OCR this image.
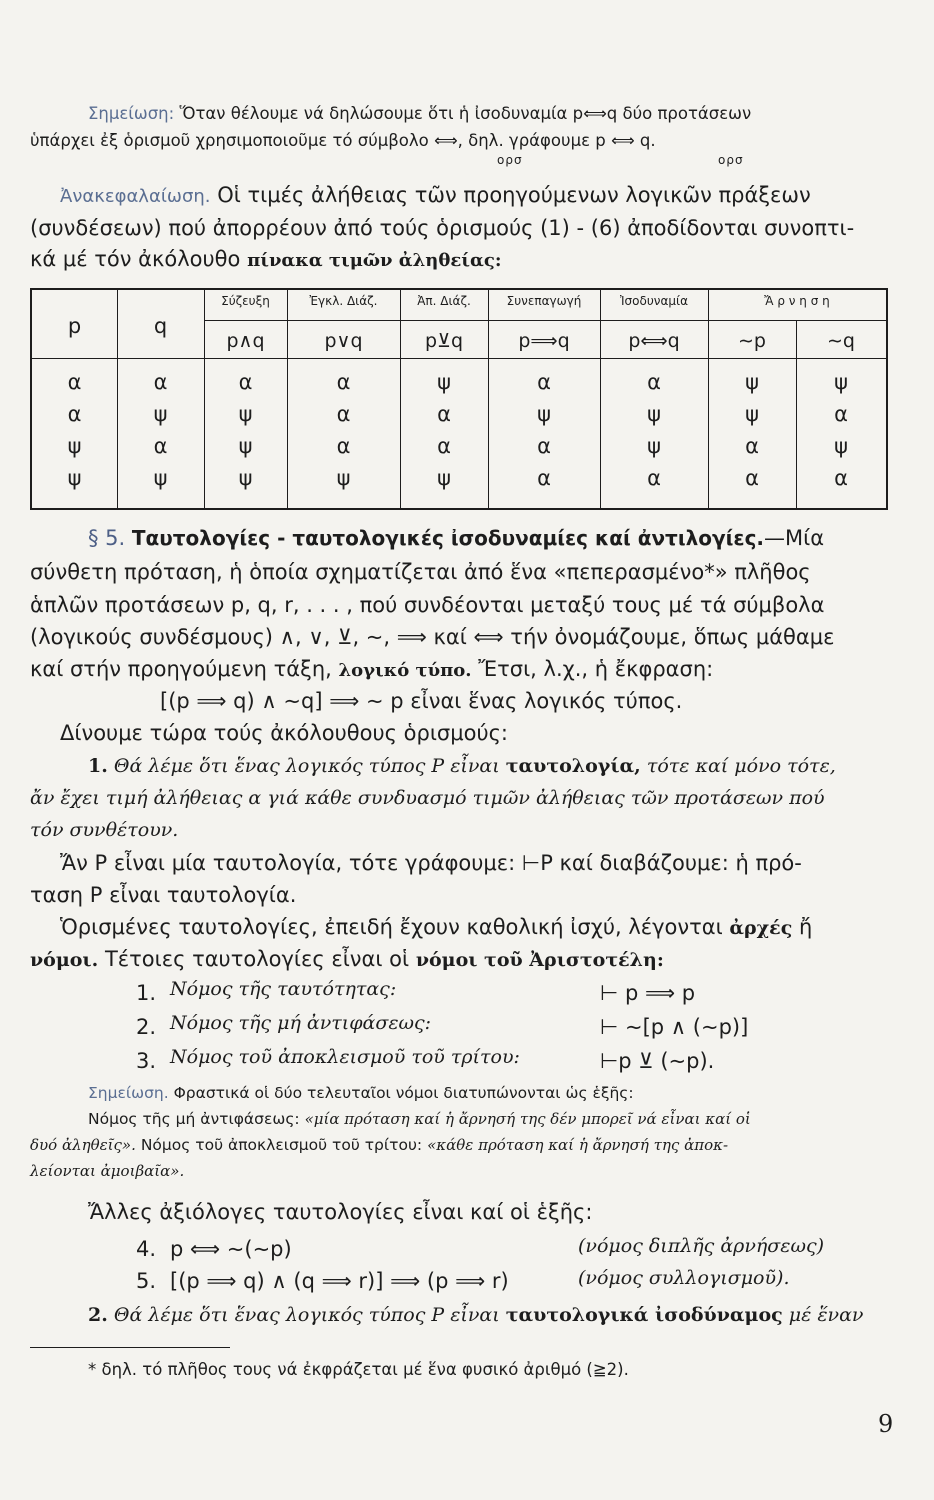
Σημείωση: Ὅταν θέλουμε νά δηλώσουμε ὅτι ἡ ἰσοδυναμία p⟺q δύο προτάσεων
ὑπάρχει ἐξ ὁρισμοῦ χρησιμοποιοῦμε τό σύμβολο ⟺, δηλ. γράφουμε p ⟺ q.
ορσ	ορσ
Ἀνακεφαλαίωση. Οἱ τιμές ἀλήθειας τῶν προηγούμενων λογικῶν πράξεων
(συνδέσεων) πού ἀπορρέουν ἀπό τούς ὁρισμούς (1) - (6) ἀποδίδονται συνοπτι-
κά μέ τόν ἀκόλουθο πίνακα τιμῶν ἀληθείας:
p	q
Σύζευξη	Ἐγκλ. Διάζ.	Ἀπ. Διάζ.	Συνεπαγωγή	Ἰσοδυναμία	Ἄ ρ ν η σ η
p∧q	p∨q	p⊻q	p⟹q	p⟺q	∼p	∼q
α	α	α	α	ψ	α	α	ψ	ψ
α	ψ	ψ	α	α	ψ	ψ	ψ	α
ψ	α	ψ	α	α	α	ψ	α	ψ
ψ	ψ	ψ	ψ	ψ	α	α	α	α
§ 5. Ταυτολογίες - ταυτολογικές ἰσοδυναμίες καί ἀντιλογίες.—Μία
σύνθετη πρόταση, ἡ ὁποία σχηματίζεται ἀπό ἕνα «πεπερασμένο*» πλῆθος
ἁπλῶν προτάσεων p, q, r, . . . , πού συνδέονται μεταξύ τους μέ τά σύμβολα
(λογικούς συνδέσμους) ∧, ∨, ⊻, ∼, ⟹ καί ⟺ τήν ὀνομάζουμε, ὅπως μάθαμε
καί στήν προηγούμενη τάξη, λογικό τύπο. Ἔτσι, λ.χ., ἡ ἔκφραση:
[(p ⟹ q) ∧ ∼q] ⟹ ∼ p εἶναι ἕνας λογικός τύπος.
Δίνουμε τώρα τούς ἀκόλουθους ὁρισμούς:
1. Θά λέμε ὅτι ἕνας λογικός τύπος P εἶναι ταυτολογία, τότε καί μόνο τότε,
ἄν ἔχει τιμή ἀλήθειας α γιά κάθε συνδυασμό τιμῶν ἀλήθειας τῶν προτάσεων πού
τόν συνθέτουν.
Ἄν P εἶναι μία ταυτολογία, τότε γράφουμε: ⊢P καί διαβάζουμε: ἡ πρό-
ταση P εἶναι ταυτολογία.
Ὁρισμένες ταυτολογίες, ἐπειδή ἔχουν καθολική ἰσχύ, λέγονται ἀρχές ἤ
νόμοι. Τέτοιες ταυτολογίες εἶναι οἱ νόμοι τοῦ Ἀριστοτέλη:
1. Νόμος τῆς ταυτότητας:	⊢ p ⟹ p
2. Νόμος τῆς μή ἀντιφάσεως:	⊢ ∼[p ∧ (∼p)]
3. Νόμος τοῦ ἀποκλεισμοῦ τοῦ τρίτου:	⊢p ⊻ (∼p).
Σημείωση. Φραστικά οἱ δύο τελευταῖοι νόμοι διατυπώνονται ὡς ἑξῆς:
Νόμος τῆς μή ἀντιφάσεως: «μία πρόταση καί ἡ ἄρνησή της δέν μπορεῖ νά εἶναι καί οἱ
δυό ἀληθεῖς». Νόμος τοῦ ἀποκλεισμοῦ τοῦ τρίτου: «κάθε πρόταση καί ἡ ἄρνησή της ἀποκ-
λείονται ἀμοιβαῖα».
Ἄλλες ἀξιόλογες ταυτολογίες εἶναι καί οἱ ἑξῆς:
4. p ⟺ ∼(∼p)	(νόμος διπλῆς ἀρνήσεως)
5. [(p ⟹ q) ∧ (q ⟹ r)] ⟹ (p ⟹ r)	(νόμος συλλογισμοῦ).
2. Θά λέμε ὅτι ἕνας λογικός τύπος P εἶναι ταυτολογικά ἰσοδύναμος μέ ἕναν
* δηλ. τό πλῆθος τους νά ἐκφράζεται μέ ἕνα φυσικό ἀριθμό (≧2).
9
